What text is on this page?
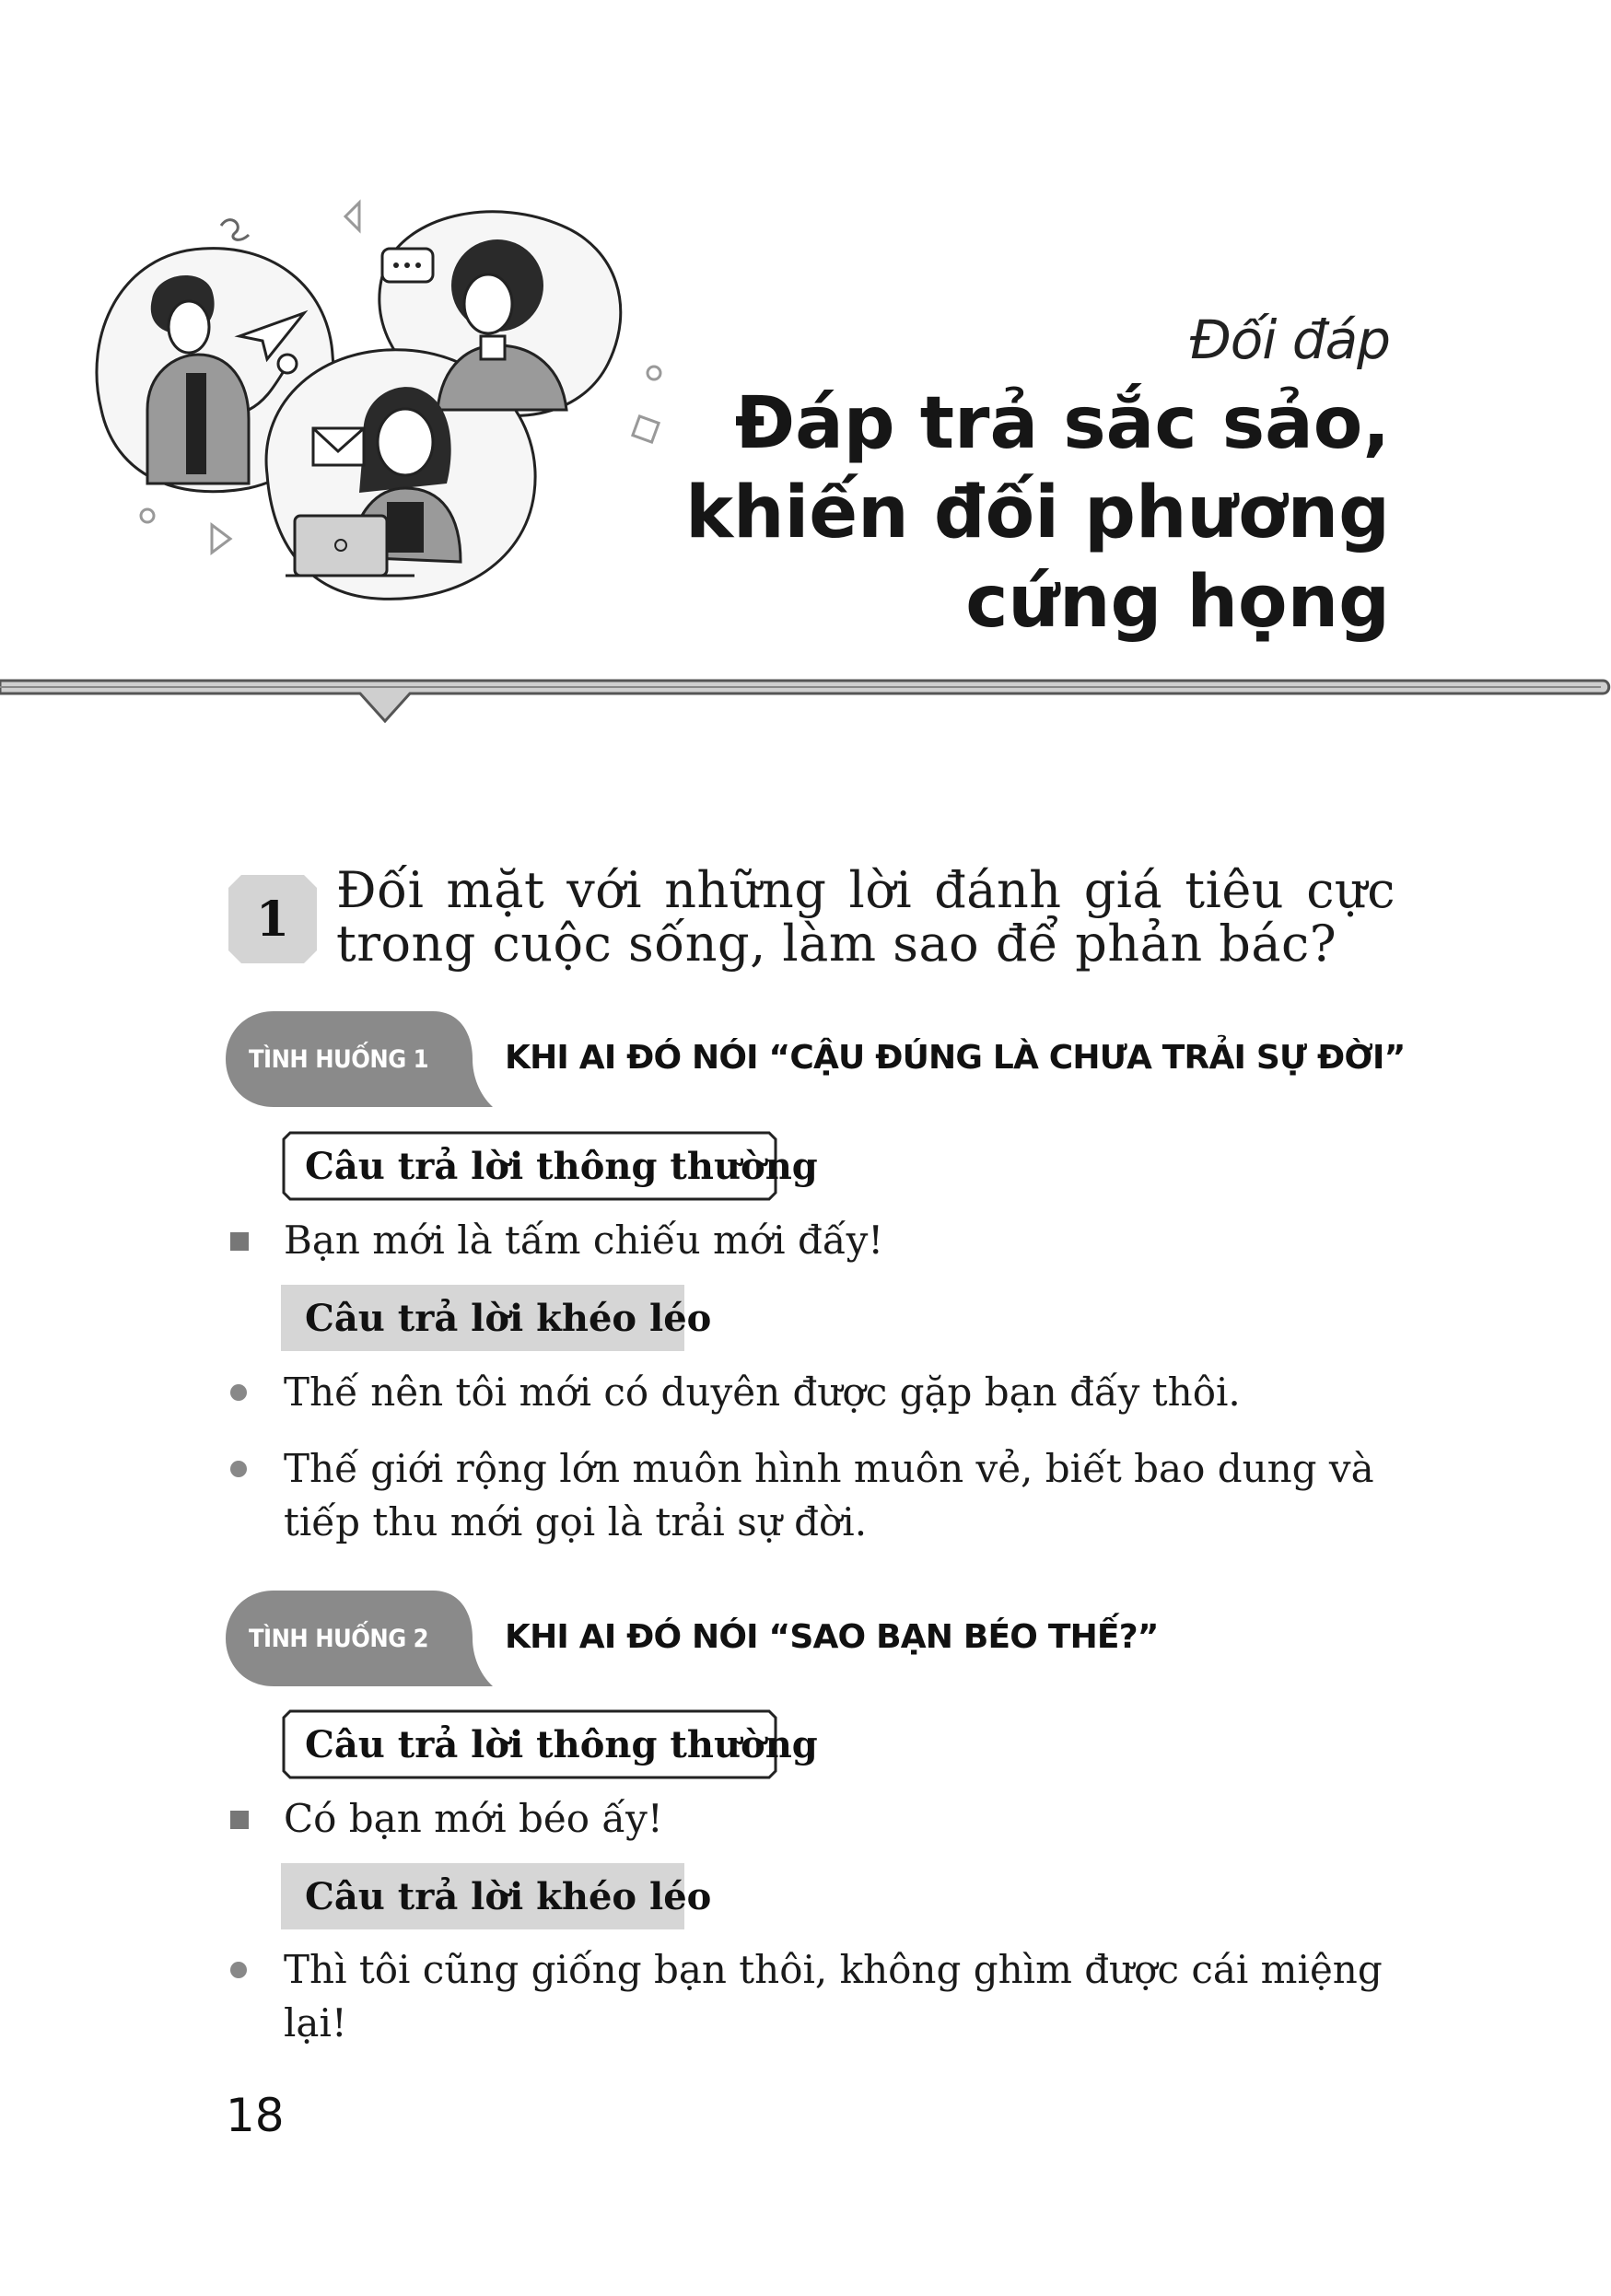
Đối đáp
Đáp trả sắc sảo,
khiến đối phương
cứng họng
1 Đối mặt với những lời đánh giá tiêu cực trong cuộc sống, làm sao để phản bác?
TÌNH HUỐNG 1	KHI AI ĐÓ NÓI “CẬU ĐÚNG LÀ CHƯA TRẢI SỰ ĐỜI”
Câu trả lời thông thường
Bạn mới là tấm chiếu mới đấy!
Câu trả lời khéo léo
Thế nên tôi mới có duyên được gặp bạn đấy thôi.
Thế giới rộng lớn muôn hình muôn vẻ, biết bao dung và tiếp thu mới gọi là trải sự đời.
TÌNH HUỐNG 2	KHI AI ĐÓ NÓI “SAO BẠN BÉO THẾ?”
Câu trả lời thông thường
Có bạn mới béo ấy!
Câu trả lời khéo léo
Thì tôi cũng giống bạn thôi, không ghìm được cái miệng lại!
18
